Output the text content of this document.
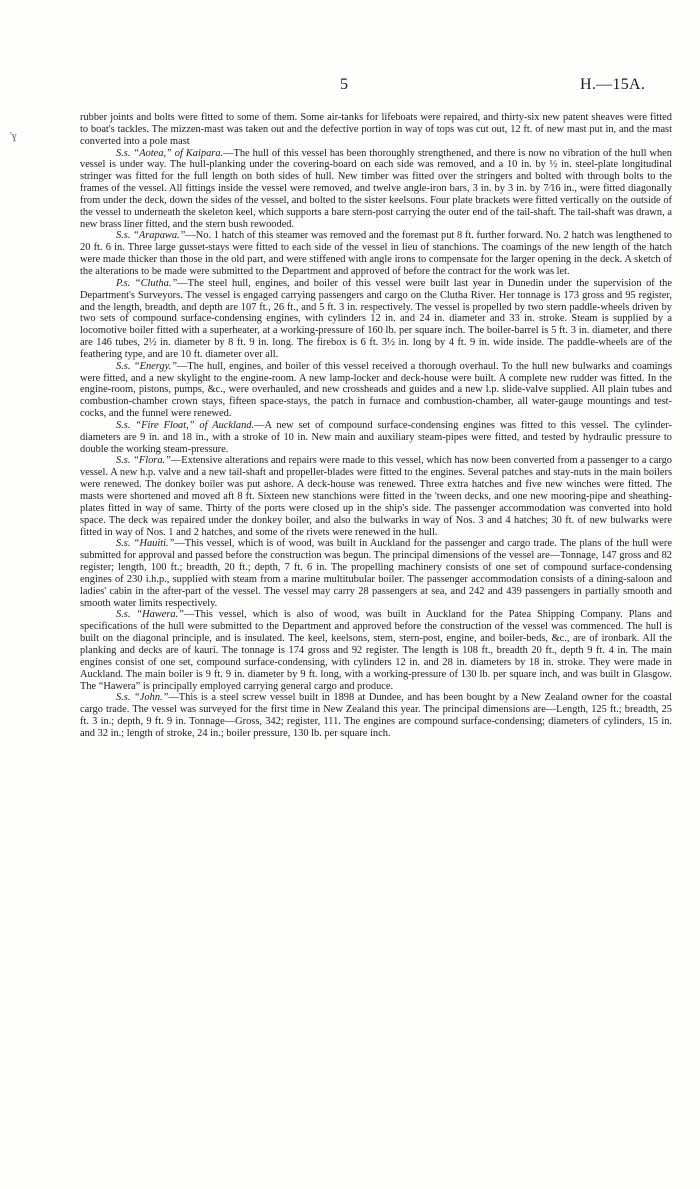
'ɣ
5	H.—15A.

rubber joints and bolts were fitted to some of them. Some air-tanks for lifeboats were repaired, and thirty-six new patent sheaves were fitted to boat's tackles. The mizzen-mast was taken out and the defective portion in way of tops was cut out, 12 ft. of new mast put in, and the mast converted into a pole mast

S.s. “Aotea,” of Kaipara.—The hull of this vessel has been thoroughly strengthened, and there is now no vibration of the hull when vessel is under way. The hull-planking under the covering-board on each side was removed, and a 10 in. by ½ in. steel-plate longitudinal stringer was fitted for the full length on both sides of hull. New timber was fitted over the stringers and bolted with through bolts to the frames of the vessel. All fittings inside the vessel were removed, and twelve angle-iron bars, 3 in. by 3 in. by 7⁄16 in., were fitted diagonally from under the deck, down the sides of the vessel, and bolted to the sister keelsons. Four plate brackets were fitted vertically on the outside of the vessel to underneath the skeleton keel, which supports a bare stern-post carrying the outer end of the tail-shaft. The tail-shaft was drawn, a new brass liner fitted, and the stern bush rewooded.

S.s. “Arapawa.”—No. 1 hatch of this steamer was removed and the foremast put 8 ft. further forward. No. 2 hatch was lengthened to 20 ft. 6 in. Three large gusset-stays were fitted to each side of the vessel in lieu of stanchions. The coamings of the new length of the hatch were made thicker than those in the old part, and were stiffened with angle irons to compensate for the larger opening in the deck. A sketch of the alterations to be made were submitted to the Department and approved of before the contract for the work was let.

P.s. “Clutha.”—The steel hull, engines, and boiler of this vessel were built last year in Dunedin under the supervision of the Department's Surveyors. The vessel is engaged carrying passengers and cargo on the Clutha River. Her tonnage is 173 gross and 95 register, and the length, breadth, and depth are 107 ft., 26 ft., and 5 ft. 3 in. respectively. The vessel is propelled by two stern paddle-wheels driven by two sets of compound surface-condensing engines, with cylinders 12 in. and 24 in. diameter and 33 in. stroke. Steam is supplied by a locomotive boiler fitted with a superheater, at a working-pressure of 160 lb. per square inch. The boiler-barrel is 5 ft. 3 in. diameter, and there are 146 tubes, 2½ in. diameter by 8 ft. 9 in. long. The firebox is 6 ft. 3½ in. long by 4 ft. 9 in. wide inside. The paddle-wheels are of the feathering type, and are 10 ft. diameter over all.

S.s. “Energy.”—The hull, engines, and boiler of this vessel received a thorough overhaul. To the hull new bulwarks and coamings were fitted, and a new skylight to the engine-room. A new lamp-locker and deck-house were built. A complete new rudder was fitted. In the engine-room, pistons, pumps, &c., were overhauled, and new crossheads and guides and a new l.p. slide-valve supplied. All plain tubes and combustion-chamber crown stays, fifteen space-stays, the patch in furnace and combustion-chamber, all water-gauge mountings and test-cocks, and the funnel were renewed.

S.s. “Fire Float,” of Auckland.—A new set of compound surface-condensing engines was fitted to this vessel. The cylinder-diameters are 9 in. and 18 in., with a stroke of 10 in. New main and auxiliary steam-pipes were fitted, and tested by hydraulic pressure to double the working steam-pressure.

S.s. “Flora.”—Extensive alterations and repairs were made to this vessel, which has now been converted from a passenger to a cargo vessel. A new h.p. valve and a new tail-shaft and propeller-blades were fitted to the engines. Several patches and stay-nuts in the main boilers were renewed. The donkey boiler was put ashore. A deck-house was renewed. Three extra hatches and five new winches were fitted. The masts were shortened and moved aft 8 ft. Sixteen new stanchions were fitted in the 'tween decks, and one new mooring-pipe and sheathing-plates fitted in way of same. Thirty of the ports were closed up in the ship's side. The passenger accommodation was converted into hold space. The deck was repaired under the donkey boiler, and also the bulwarks in way of Nos. 3 and 4 hatches; 30 ft. of new bulwarks were fitted in way of Nos. 1 and 2 hatches, and some of the rivets were renewed in the hull.

S.s. “Hauiti.”—This vessel, which is of wood, was built in Auckland for the passenger and cargo trade. The plans of the hull were submitted for approval and passed before the construction was begun. The principal dimensions of the vessel are—Tonnage, 147 gross and 82 register; length, 100 ft.; breadth, 20 ft.; depth, 7 ft. 6 in. The propelling machinery consists of one set of compound surface-condensing engines of 230 i.h.p., supplied with steam from a marine multitubular boiler. The passenger accommodation consists of a dining-saloon and ladies' cabin in the after-part of the vessel. The vessel may carry 28 passengers at sea, and 242 and 439 passengers in partially smooth and smooth water limits respectively.

S.s. “Hawera.”—This vessel, which is also of wood, was built in Auckland for the Patea Shipping Company. Plans and specifications of the hull were submitted to the Department and approved before the construction of the vessel was commenced. The hull is built on the diagonal principle, and is insulated. The keel, keelsons, stem, stern-post, engine, and boiler-beds, &c., are of ironbark. All the planking and decks are of kauri. The tonnage is 174 gross and 92 register. The length is 108 ft., breadth 20 ft., depth 9 ft. 4 in. The main engines consist of one set, compound surface-condensing, with cylinders 12 in. and 28 in. diameters by 18 in. stroke. They were made in Auckland. The main boiler is 9 ft. 9 in. diameter by 9 ft. long, with a working-pressure of 130 lb. per square inch, and was built in Glasgow. The “Hawera” is principally employed carrying general cargo and produce.

S.s. “John.”—This is a steel screw vessel built in 1898 at Dundee, and has been bought by a New Zealand owner for the coastal cargo trade. The vessel was surveyed for the first time in New Zealand this year. The principal dimensions are—Length, 125 ft.; breadth, 25 ft. 3 in.; depth, 9 ft. 9 in. Tonnage—Gross, 342; register, 111. The engines are compound surface-condensing; diameters of cylinders, 15 in. and 32 in.; length of stroke, 24 in.; boiler pressure, 130 lb. per square inch.
